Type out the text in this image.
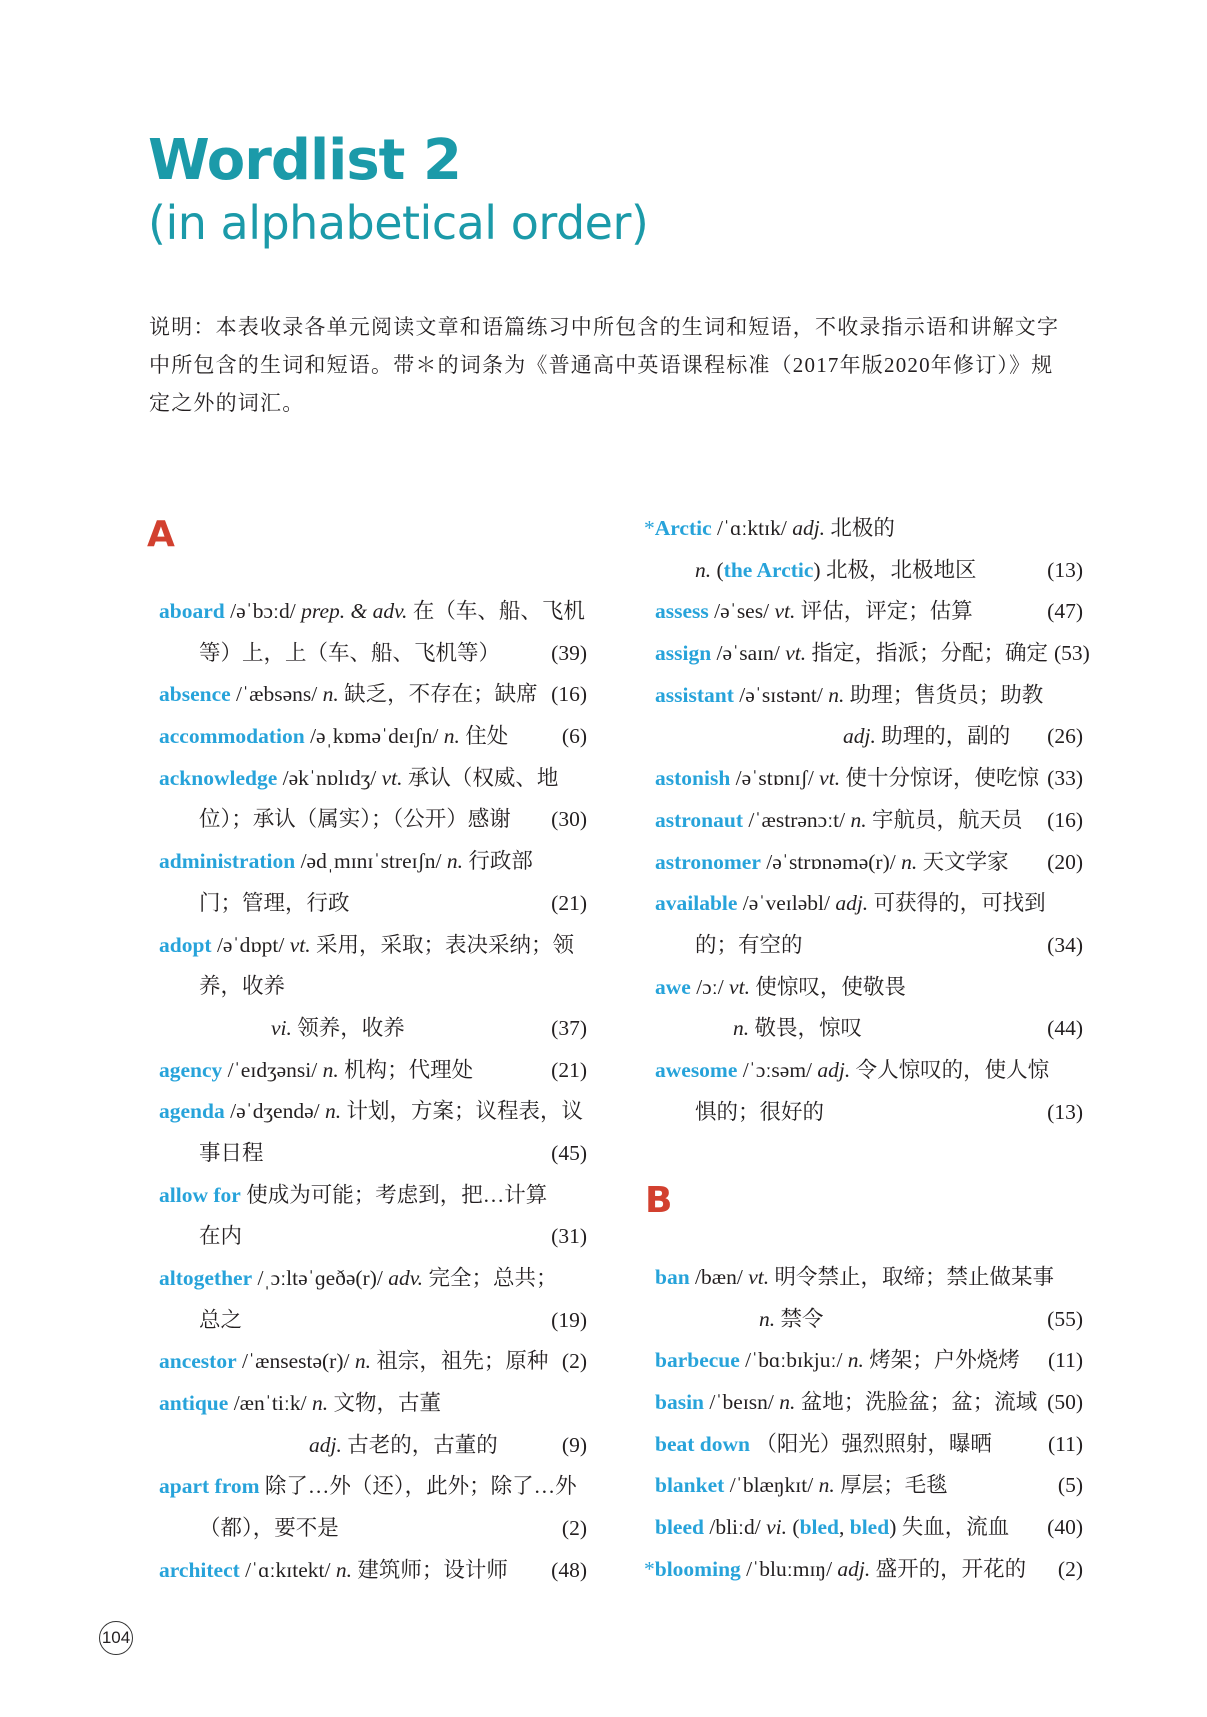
Wordlist 2
(in alphabetical order)
说明：本表收录各单元阅读文章和语篇练习中所包含的生词和短语，不收录指示语和讲解文字中所包含的生词和短语。带＊的词条为《普通高中英语课程标准（2017年版2020年修订）》规定之外的词汇。
A
aboard /əˈbɔːd/ prep. & adv. 在（车、船、飞机
等）上，上（车、船、飞机等） (39)
absence /ˈæbsəns/ n. 缺乏，不存在；缺席 (16)
accommodation /əˌkɒməˈdeɪʃn/ n. 住处 (6)
acknowledge /əkˈnɒlɪdʒ/ vt. 承认（权威、地
位）；承认（属实）；（公开）感谢 (30)
administration /ədˌmɪnɪˈstreɪʃn/ n. 行政部
门；管理，行政	(21)
adopt /əˈdɒpt/ vt. 采用，采取；表决采纳；领
养，收养
vi. 领养，收养	(37)
agency /ˈeɪdʒənsi/ n. 机构；代理处	(21)
agenda /əˈdʒendə/ n. 计划，方案；议程表，议
事日程	(45)
allow for 使成为可能；考虑到，把…计算
在内	(31)
altogether /ˌɔːltəˈɡeðə(r)/ adv. 完全；总共；
总之	(19)
ancestor /ˈænsestə(r)/ n. 祖宗，祖先；原种 (2)
antique /ænˈtiːk/ n. 文物，古董
adj. 古老的，古董的	(9)
apart from 除了…外（还），此外；除了…外
（都），要不是	(2)
architect /ˈɑːkɪtekt/ n. 建筑师；设计师 (48)
*Arctic /ˈɑːktɪk/ adj. 北极的
n. (the Arctic) 北极，北极地区	(13)
assess /əˈses/ vt. 评估，评定；估算	(47)
assign /əˈsaɪn/ vt. 指定，指派；分配；确定 (53)
assistant /əˈsɪstənt/ n. 助理；售货员；助教
adj. 助理的，副的 (26)
astonish /əˈstɒnɪʃ/ vt. 使十分惊讶，使吃惊 (33)
astronaut /ˈæstrənɔːt/ n. 宇航员，航天员 (16)
astronomer /əˈstrɒnəmə(r)/ n. 天文学家 (20)
available /əˈveɪləbl/ adj. 可获得的，可找到
的；有空的	(34)
awe /ɔː/ vt. 使惊叹，使敬畏
n. 敬畏，惊叹	(44)
awesome /ˈɔːsəm/ adj. 令人惊叹的，使人惊
惧的；很好的	(13)
B
ban /bæn/ vt. 明令禁止，取缔；禁止做某事
n. 禁令	(55)
barbecue /ˈbɑːbɪkjuː/ n. 烤架；户外烧烤 (11)
basin /ˈbeɪsn/ n. 盆地；洗脸盆；盆；流域 (50)
beat down （阳光）强烈照射，曝晒	(11)
blanket /ˈblæŋkɪt/ n. 厚层；毛毯	(5)
bleed /bliːd/ vi. (bled, bled) 失血，流血 (40)
*blooming /ˈbluːmɪŋ/ adj. 盛开的，开花的 (2)
104
